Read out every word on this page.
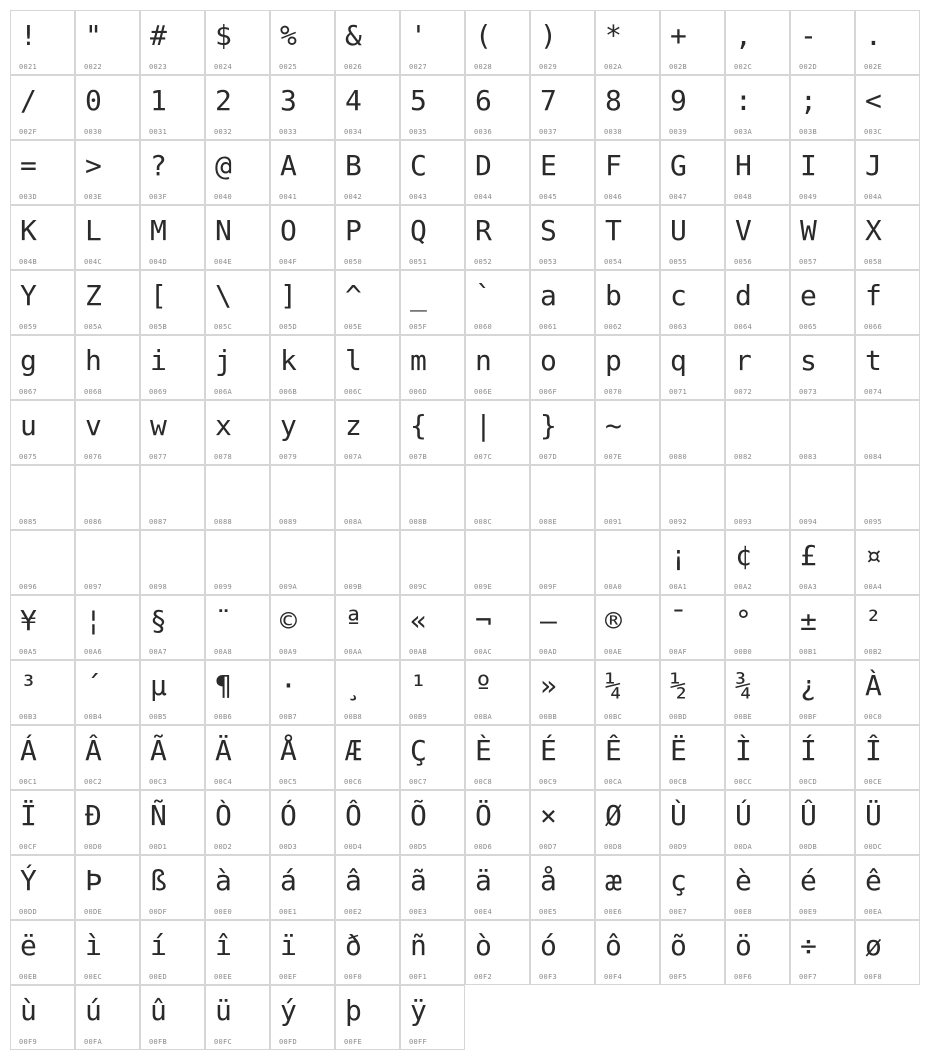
!
0021
"
0022
#
0023
$
0024
%
0025
&
0026
'
0027
(
0028
)
0029
*
002A
+
002B
,
002C
-
002D
.
002E
/
002F
0
0030
1
0031
2
0032
3
0033
4
0034
5
0035
6
0036
7
0037
8
0038
9
0039
:
003A
;
003B
<
003C
=
003D
>
003E
?
003F
@
0040
A
0041
B
0042
C
0043
D
0044
E
0045
F
0046
G
0047
H
0048
I
0049
J
004A
K
004B
L
004C
M
004D
N
004E
O
004F
P
0050
Q
0051
R
0052
S
0053
T
0054
U
0055
V
0056
W
0057
X
0058
Y
0059
Z
005A
[
005B
\
005C
]
005D
^
005E
_
005F
`
0060
a
0061
b
0062
c
0063
d
0064
e
0065
f
0066
g
0067
h
0068
i
0069
j
006A
k
006B
l
006C
m
006D
n
006E
o
006F
p
0070
q
0071
r
0072
s
0073
t
0074
u
0075
v
0076
w
0077
x
0078
y
0079
z
007A
{
007B
|
007C
}
007D
~
007E	0080	0082	0083	0084
0085	0086	0087	0088	0089	008A	008B	008C	008E	0091	0092	0093	0094	0095
0096	0097	0098	0099	009A	009B	009C	009E	009F	00A0
¡
00A1
¢
00A2
£
00A3
¤
00A4
¥
00A5
¦
00A6
§
00A7
¨
00A8
©
00A9
ª
00AA
«
00AB
¬
00AC
–
00AD
®
00AE
¯
00AF
°
00B0
±
00B1
²
00B2
³
00B3
´
00B4
µ
00B5
¶
00B6
·
00B7
¸
00B8
¹
00B9
º
00BA
»
00BB
¼
00BC
½
00BD
¾
00BE
¿
00BF
À
00C0
Á
00C1
Â
00C2
Ã
00C3
Ä
00C4
Å
00C5
Æ
00C6
Ç
00C7
È
00C8
É
00C9
Ê
00CA
Ë
00CB
Ì
00CC
Í
00CD
Î
00CE
Ï
00CF
Ð
00D0
Ñ
00D1
Ò
00D2
Ó
00D3
Ô
00D4
Õ
00D5
Ö
00D6
×
00D7
Ø
00D8
Ù
00D9
Ú
00DA
Û
00DB
Ü
00DC
Ý
00DD
Þ
00DE
ß
00DF
à
00E0
á
00E1
â
00E2
ã
00E3
ä
00E4
å
00E5
æ
00E6
ç
00E7
è
00E8
é
00E9
ê
00EA
ë
00EB
ì
00EC
í
00ED
î
00EE
ï
00EF
ð
00F0
ñ
00F1
ò
00F2
ó
00F3
ô
00F4
õ
00F5
ö
00F6
÷
00F7
ø
00F8
ù
00F9
ú
00FA
û
00FB
ü
00FC
ý
00FD
þ
00FE
ÿ
00FF
